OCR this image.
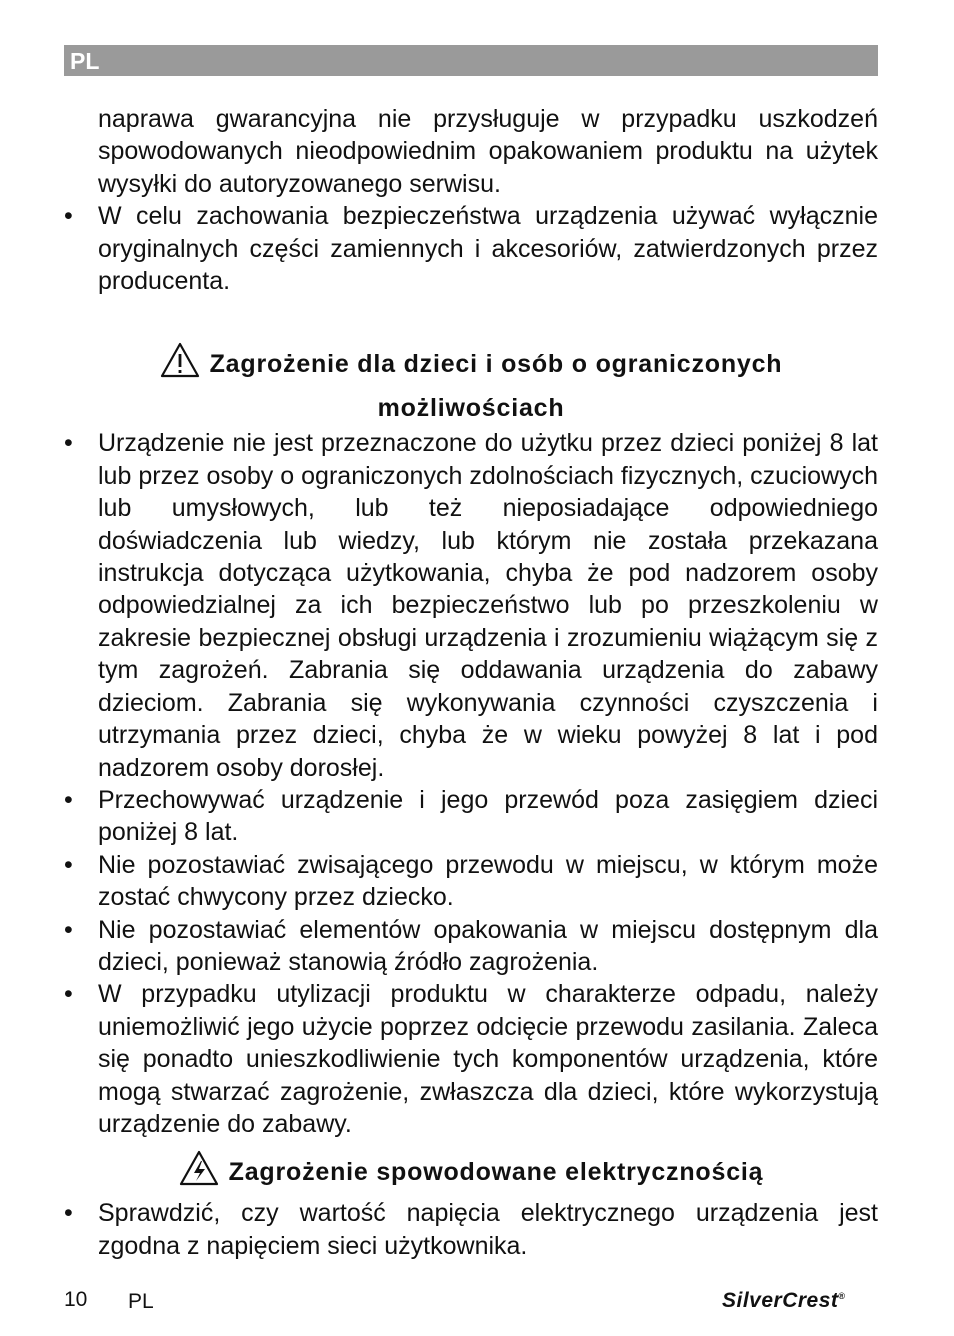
PL

naprawa gwarancyjna nie przysługuje w przypadku uszkodzeń spowodowanych nieodpowiednim opakowaniem produktu na użytek wysyłki do autoryzowanego serwisu.

•	W celu zachowania bezpieczeństwa urządzenia używać wyłącznie oryginalnych części zamiennych i akcesoriów, zatwierdzonych przez producenta.

Zagrożenie dla dzieci i osób o ograniczonych możliwościach

•	Urządzenie nie jest przeznaczone do użytku przez dzieci poniżej 8 lat lub przez osoby o ograniczonych zdolnościach fizycznych, czuciowych lub umysłowych, lub też nieposiadające odpowiedniego doświadczenia lub wiedzy, lub którym nie została przekazana instrukcja dotycząca użytkowania, chyba że pod nadzorem osoby odpowiedzialnej za ich bezpieczeństwo lub po przeszkoleniu w zakresie bezpiecznej obsługi urządzenia i zrozumieniu wiążącym się z tym zagrożeń. Zabrania się oddawania urządzenia do zabawy dzieciom. Zabrania się wykonywania czynności czyszczenia i utrzymania przez dzieci, chyba że w wieku powyżej 8 lat i pod nadzorem osoby dorosłej.
•	Przechowywać urządzenie i jego przewód poza zasięgiem dzieci poniżej 8 lat.
•	Nie pozostawiać zwisającego przewodu w miejscu, w którym może zostać chwycony przez dziecko.
•	Nie pozostawiać elementów opakowania w miejscu dostępnym dla dzieci, ponieważ stanowią źródło zagrożenia.
•	W przypadku utylizacji produktu w charakterze odpadu, należy uniemożliwić jego użycie poprzez odcięcie przewodu zasilania. Zaleca się ponadto unieszkodliwienie tych komponentów urządzenia, które mogą stwarzać zagrożenie, zwłaszcza dla dzieci, które wykorzystują urządzenie do zabawy.

Zagrożenie spowodowane elektrycznością

•	Sprawdzić, czy wartość napięcia elektrycznego urządzenia jest zgodna z napięciem sieci użytkownika.
10 PL	SilverCrest®
